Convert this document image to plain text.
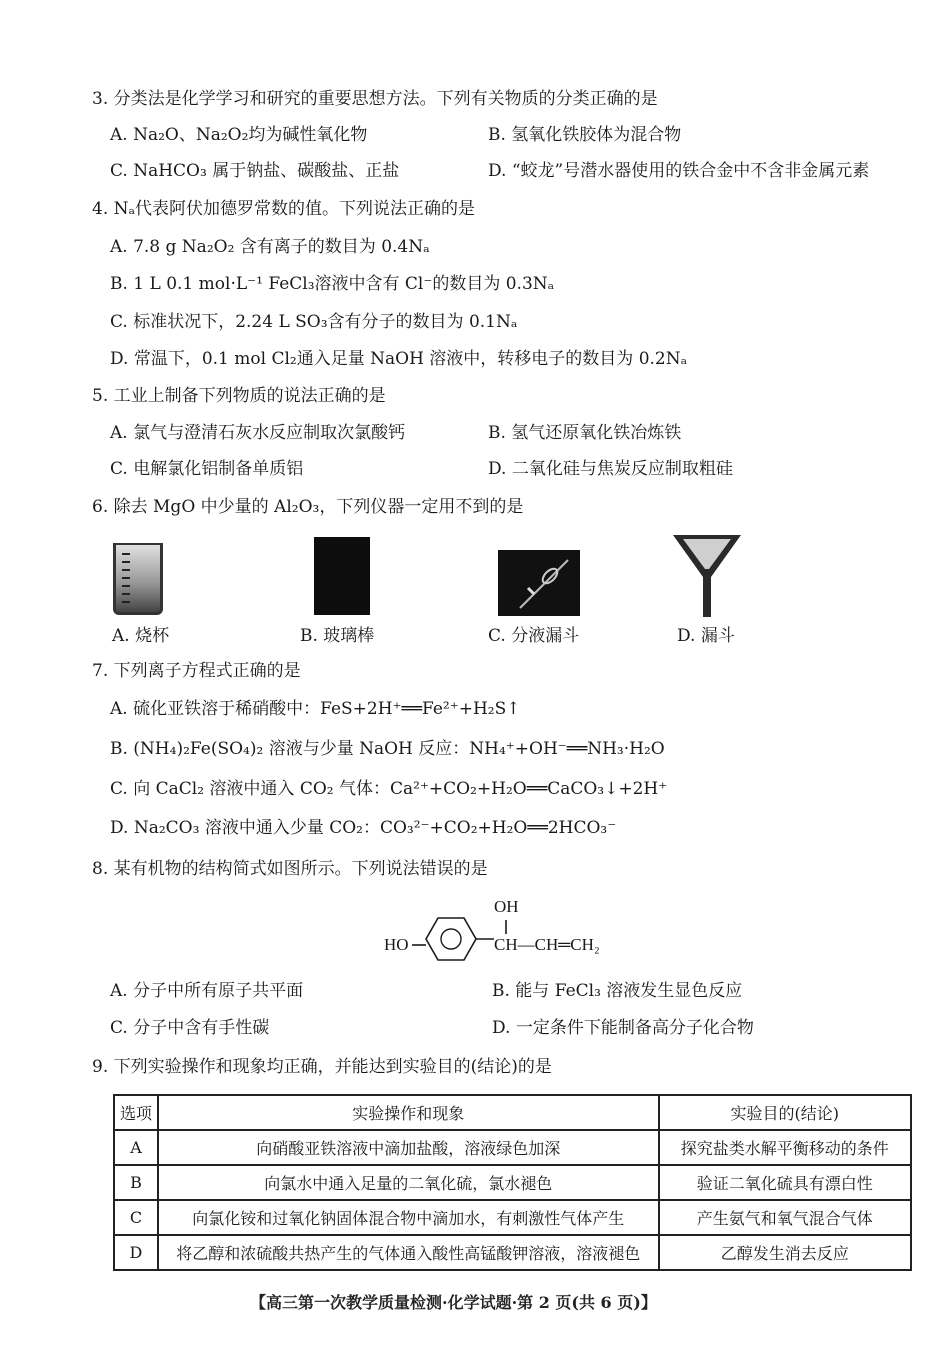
3. 分类法是化学学习和研究的重要思想方法。下列有关物质的分类正确的是
A. Na₂O、Na₂O₂均为碱性氧化物	B. 氢氧化铁胶体为混合物
C. NaHCO₃ 属于钠盐、碳酸盐、正盐	D. “蛟龙”号潜水器使用的铁合金中不含非金属元素
4. Nₐ代表阿伏加德罗常数的值。下列说法正确的是
A. 7.8 g Na₂O₂ 含有离子的数目为 0.4Nₐ
B. 1 L 0.1 mol·L⁻¹ FeCl₃溶液中含有 Cl⁻的数目为 0.3Nₐ
C. 标准状况下，2.24 L SO₃含有分子的数目为 0.1Nₐ
D. 常温下，0.1 mol Cl₂通入足量 NaOH 溶液中，转移电子的数目为 0.2Nₐ
5. 工业上制备下列物质的说法正确的是
A. 氯气与澄清石灰水反应制取次氯酸钙	B. 氢气还原氧化铁冶炼铁
C. 电解氯化铝制备单质铝	D. 二氧化硅与焦炭反应制取粗硅
6. 除去 MgO 中少量的 Al₂O₃，下列仪器一定用不到的是
A. 烧杯	B. 玻璃棒	C. 分液漏斗	D. 漏斗
7. 下列离子方程式正确的是
A. 硫化亚铁溶于稀硝酸中：FeS+2H⁺══Fe²⁺+H₂S↑
B. (NH₄)₂Fe(SO₄)₂ 溶液与少量 NaOH 反应：NH₄⁺+OH⁻══NH₃·H₂O
C. 向 CaCl₂ 溶液中通入 CO₂ 气体：Ca²⁺+CO₂+H₂O══CaCO₃↓+2H⁺
D. Na₂CO₃ 溶液中通入少量 CO₂：CO₃²⁻+CO₂+H₂O══2HCO₃⁻
8. 某有机物的结构简式如图所示。下列说法错误的是
HO	CH—CH═CH₂
OH
A. 分子中所有原子共平面	B. 能与 FeCl₃ 溶液发生显色反应
C. 分子中含有手性碳	D. 一定条件下能制备高分子化合物
9. 下列实验操作和现象均正确，并能达到实验目的(结论)的是
选项	实验操作和现象	实验目的(结论)
A	向硝酸亚铁溶液中滴加盐酸，溶液绿色加深	探究盐类水解平衡移动的条件
B	向氯水中通入足量的二氧化硫，氯水褪色	验证二氧化硫具有漂白性
C	向氯化铵和过氧化钠固体混合物中滴加水，有刺激性气体产生	产生氨气和氧气混合气体
D	将乙醇和浓硫酸共热产生的气体通入酸性高锰酸钾溶液，溶液褪色	乙醇发生消去反应
【高三第一次教学质量检测·化学试题·第 2 页(共 6 页)】
